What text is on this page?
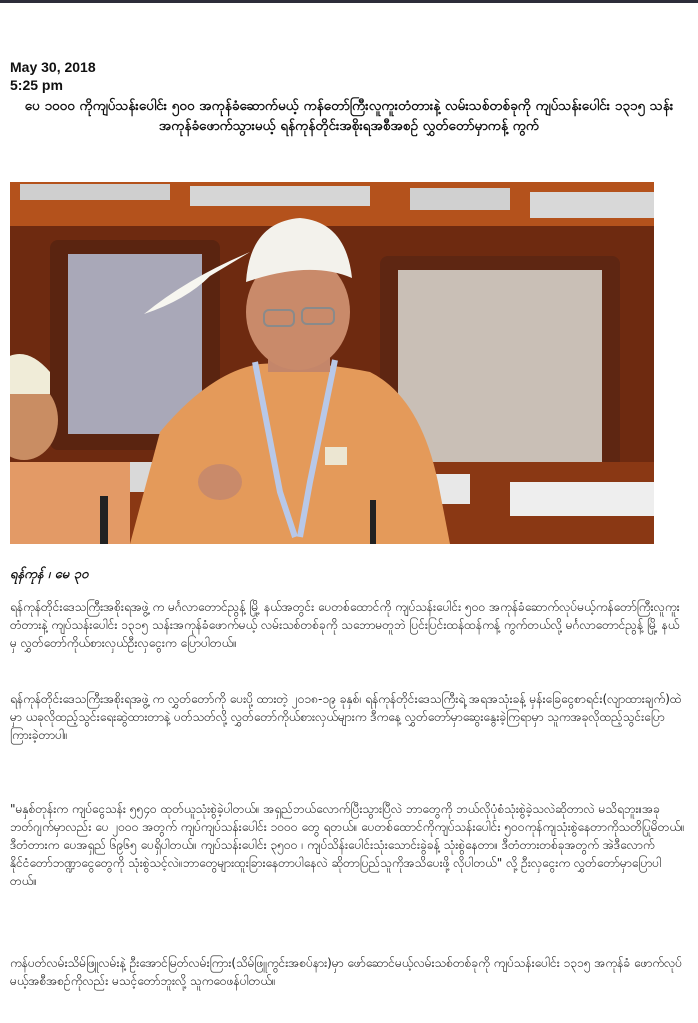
May 30, 2018
5:25 pm
ပေ ၁၀၀၀ ကိုကျပ်သန်းပေါင်း ၅၀၀ အကုန်ခံဆောက်မယ့် ကန်တော်ကြီးလူကူးတံတားနဲ့ လမ်းသစ်တစ်ခုကို ကျပ်သန်းပေါင်း ၁၃၁၅ သန်းအကုန်ခံဖောက်သွားမယ့် ရန်ကုန်တိုင်းအစိုးရအစီအစဉ် လွှတ်တော်မှာကန့် ကွက်
ရန်ကုန် ၊ မေ ၃၀

ရန်ကုန်တိုင်းဒေသကြီးအစိုးရအဖွဲ့ က မင်္ဂလာတောင်ညွန့် မြို့ နယ်အတွင်း ပေတစ်ထောင်ကို ကျပ်သန်းပေါင်း ၅၀၀ အကုန်ခံဆောက်လုပ်မယ့်ကန်တော်ကြီးလူကူးတံတားနဲ့ ကျပ်သန်းပေါင်း ၁၃၁၅ သန်းအကုန်ခံဖောက်မယ့် လမ်းသစ်တစ်ခုကို သဘောမတူဘဲ ပြင်းပြင်းထန်ထန်ကန့် ကွက်တယ်လို့ မင်္ဂလာတောင်ညွန့် မြို့ နယ်မှ လွှတ်တော်ကိုယ်စားလှယ်ဦးလှငွေးက ပြောပါတယ်။

ရန်ကုန်တိုင်းဒေသကြီးအစိုးရအဖွဲ့ က လွှတ်တော်ကို ပေးပို့ ထားတဲ့ ၂၀၁၈-၁၉ ခုနှစ်၊ ရန်ကုန်တိုင်းဒေသကြီးရဲ့ အရအသုံးခန့် မှန်းခြေငွေစာရင်း(လျာထားချက်)ထဲမှာ ယခုလိုထည့်သွင်းရေးဆွဲထားတာနဲ့ ပတ်သတ်လို့ လွှတ်တော်ကိုယ်စားလှယ်များက ဒီကနေ့ လွှတ်တော်မှာဆွေးနွေးခဲ့ကြရာမှာ သူကအခုလိုထည့်သွင်းပြောကြားခဲ့တာပါ။

"မနှစ်တုန်းက ကျပ်ငွေသန်း ၅၅၄၀ ထုတ်ယူသုံးစွဲခဲ့ပါတယ်။ အရှည်ဘယ်လောက်ပြီးသွားပြီလဲ ဘာတွေကို ဘယ်လိုပုံစံသုံးစွဲခဲ့သလဲဆိုတာလဲ မသိရဘူး။အခုဘတ်ဂျက်မှာလည်း ပေ ၂၀၀၀ အတွက် ကျပ်ကျပ်သန်းပေါင်း ၁၀၀၀ တွေ ရတယ်။ ပေတစ်ထောင်ကိုကျပ်သန်းပေါင်း ၅၀၀ကုန်ကျသုံးစွဲနေတာကိုသတိပြုမိတယ်။ ဒီတံတားက ပေအရှည် ၆၉၆၅ ပေရှိပါတယ်။ ကျပ်သန်းပေါင်း ၃၅၀၀ ၊ ကျပ်သိန်းပေါင်းသုံးသောင်းခွဲခန့် သုံးစွဲနေတာ။ ဒီတံတားတစ်ခုအတွက် အဲဒီလောက်နိုင်ငံတော်ဘဏ္ဍာငွေတွေကို သုံးစွဲသင့်လဲ။ဘာတွေများထူးခြားနေတာပါနေလဲ ဆိုတာပြည်သူကိုအသိပေးဖို့ လိုပါတယ်" လို့ ဦးလှငွေးက လွှတ်တော်မှာပြောပါတယ်။

ကန်ပတ်လမ်းသိမ်ဖြူလမ်းနဲ့ ဦးအောင်မြတ်လမ်းကြား(သိမ်ဖြူကွင်းအစပ်နား)မှာ ဖော်ဆောင်မယ့်လမ်းသစ်တစ်ခုကို ကျပ်သန်းပေါင်း ၁၃၁၅ အကုန်ခံ ဖောက်လုပ်မယ့်အစီအစဉ်ကိုလည်း မသင့်တော်ဘူးလို့ သူကဝေဖန်ပါတယ်။
